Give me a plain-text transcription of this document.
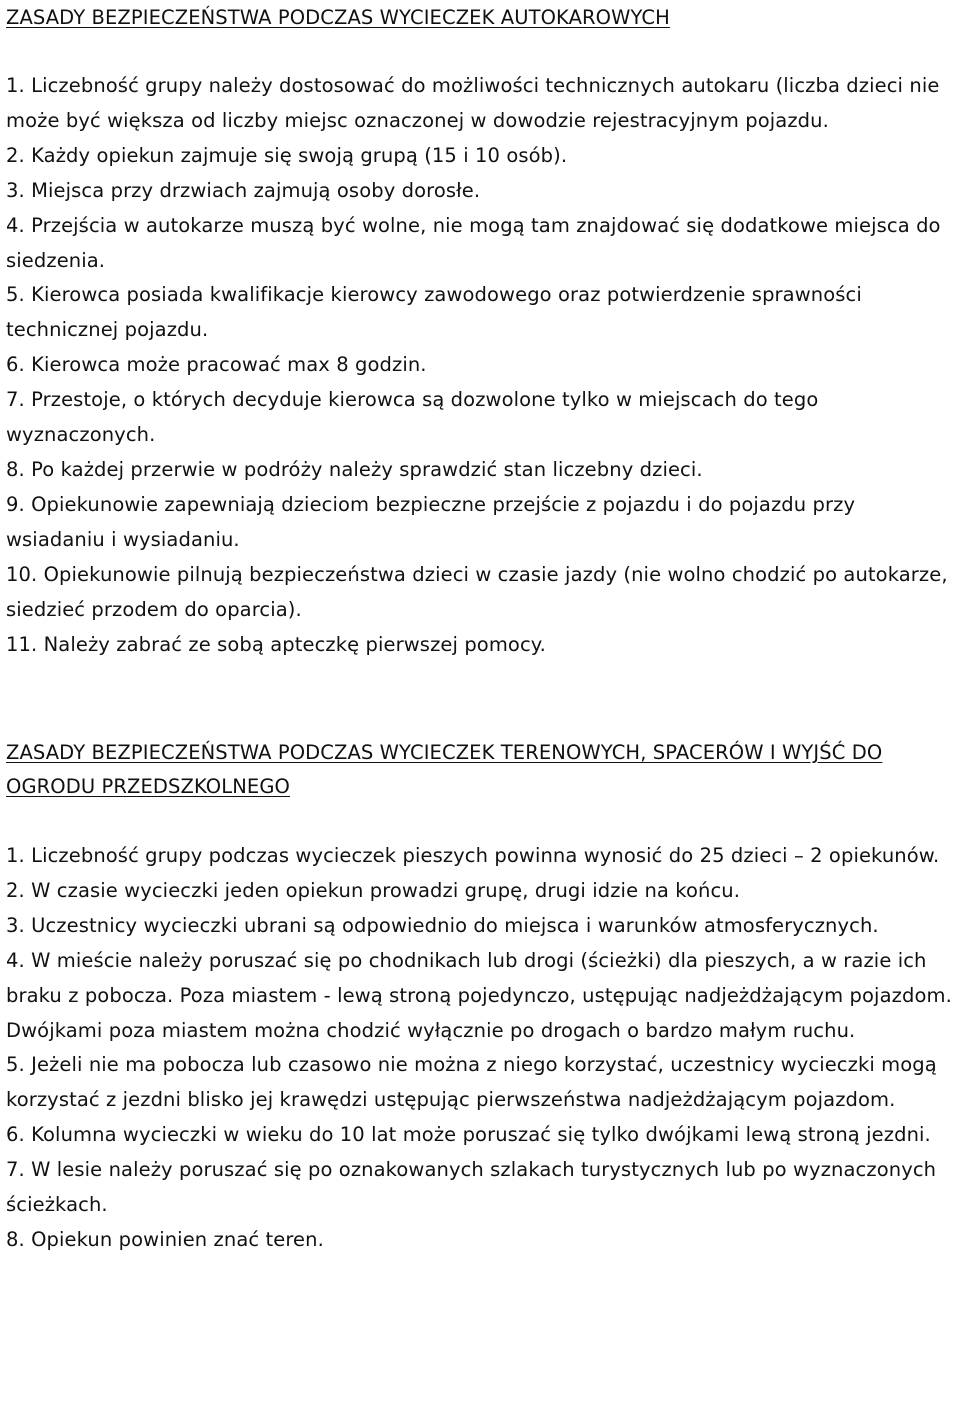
ZASADY BEZPIECZEŃSTWA PODCZAS WYCIECZEK AUTOKAROWYCH
1. Liczebność grupy należy dostosować do możliwości technicznych autokaru (liczba dzieci nie może być większa od liczby miejsc oznaczonej w dowodzie rejestracyjnym pojazdu.
2. Każdy opiekun zajmuje się swoją grupą (15 i 10 osób).
3. Miejsca przy drzwiach zajmują osoby dorosłe.
4. Przejścia w autokarze muszą być wolne, nie mogą tam znajdować się dodatkowe miejsca do siedzenia.
5. Kierowca posiada kwalifikacje kierowcy zawodowego oraz potwierdzenie sprawności technicznej pojazdu.
6. Kierowca może pracować max 8 godzin.
7. Przestoje, o których decyduje kierowca są dozwolone tylko w miejscach do tego wyznaczonych.
8. Po każdej przerwie w podróży należy sprawdzić stan liczebny dzieci.
9. Opiekunowie zapewniają dzieciom bezpieczne przejście z pojazdu i do pojazdu przy wsiadaniu i wysiadaniu.
10. Opiekunowie pilnują bezpieczeństwa dzieci w czasie jazdy (nie wolno chodzić po autokarze, siedzieć przodem do oparcia).
11. Należy zabrać ze sobą apteczkę pierwszej pomocy.
ZASADY BEZPIECZEŃSTWA PODCZAS WYCIECZEK TERENOWYCH, SPACERÓW I WYJŚĆ DO OGRODU PRZEDSZKOLNEGO
1. Liczebność grupy podczas wycieczek pieszych powinna wynosić do 25 dzieci – 2 opiekunów.
2. W czasie wycieczki jeden opiekun prowadzi grupę, drugi idzie na końcu.
3. Uczestnicy wycieczki ubrani są odpowiednio do miejsca i warunków atmosferycznych.
4. W mieście należy poruszać się po chodnikach lub drogi (ścieżki) dla pieszych, a w razie ich braku z pobocza. Poza miastem - lewą stroną pojedynczo, ustępując nadjeżdżającym pojazdom. Dwójkami poza miastem można chodzić wyłącznie po drogach o bardzo małym ruchu.
5. Jeżeli nie ma pobocza lub czasowo nie można z niego korzystać, uczestnicy wycieczki mogą korzystać z jezdni blisko jej krawędzi ustępując pierwszeństwa nadjeżdżającym pojazdom.
6. Kolumna wycieczki w wieku do 10 lat może poruszać się tylko dwójkami lewą stroną jezdni.
7. W lesie należy poruszać się po oznakowanych szlakach turystycznych lub po wyznaczonych ścieżkach.
8. Opiekun powinien znać teren.
